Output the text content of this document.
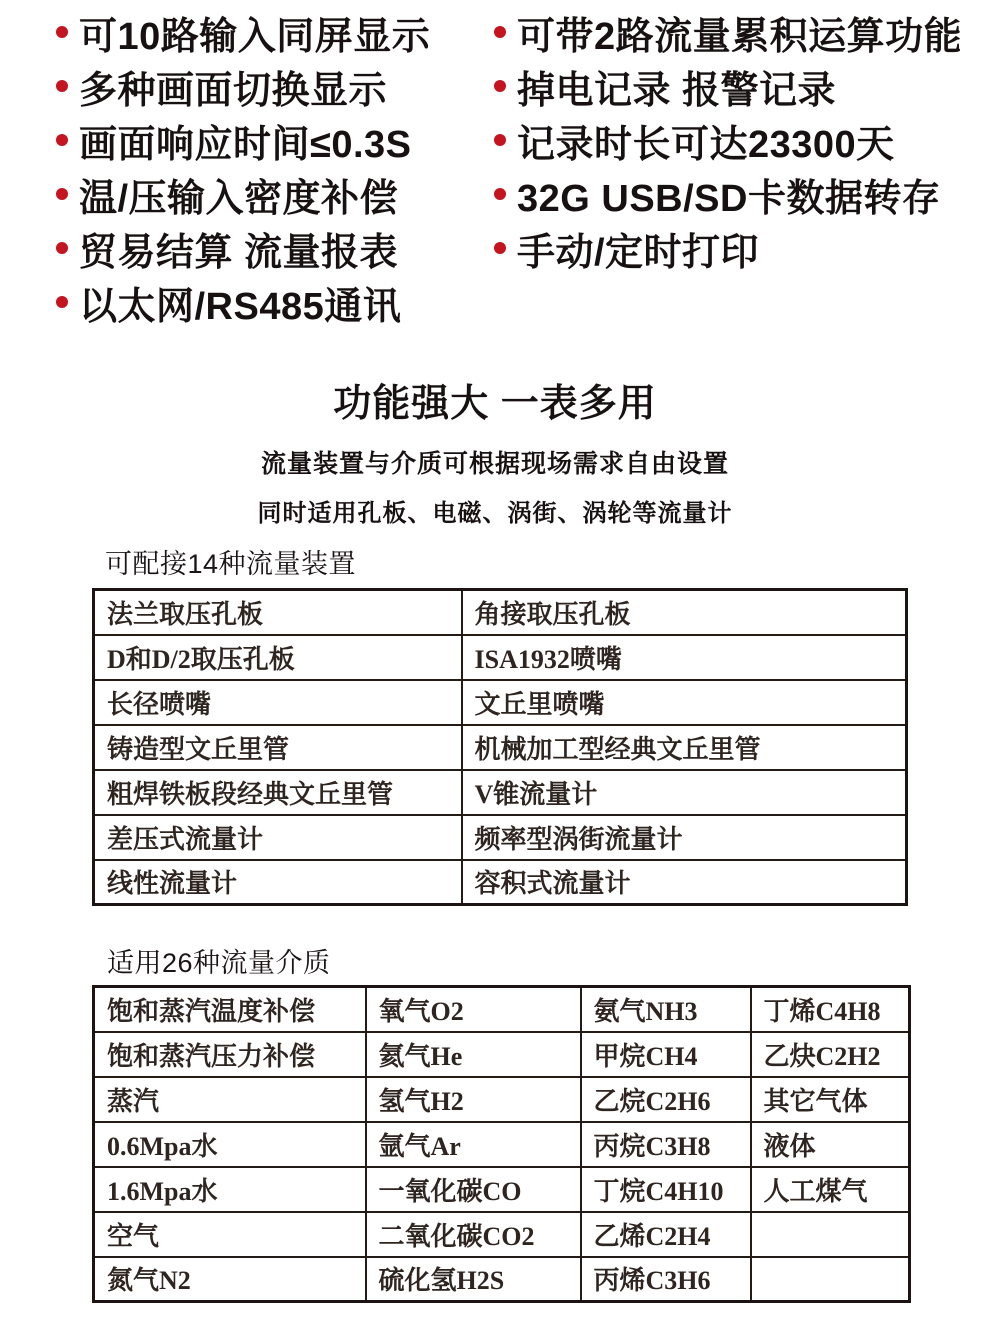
可10路输入同屏显示
多种画面切换显示
画面响应时间≤0.3S
温/压输入密度补偿
贸易结算 流量报表
以太网/RS485通讯
可带2路流量累积运算功能
掉电记录 报警记录
记录时长可达23300天
32G USB/SD卡数据转存
手动/定时打印
功能强大 一表多用
流量装置与介质可根据现场需求自由设置
同时适用孔板、电磁、涡街、涡轮等流量计
可配接14种流量装置
法兰取压孔板	角接取压孔板
D和D/2取压孔板	ISA1932喷嘴
长径喷嘴	文丘里喷嘴
铸造型文丘里管	机械加工型经典文丘里管
粗焊铁板段经典文丘里管	V锥流量计
差压式流量计	频率型涡街流量计
线性流量计	容积式流量计
适用26种流量介质
饱和蒸汽温度补偿	氧气O2	氨气NH3	丁烯C4H8
饱和蒸汽压力补偿	氦气He	甲烷CH4	乙炔C2H2
蒸汽	氢气H2	乙烷C2H6	其它气体
0.6Mpa水	氩气Ar	丙烷C3H8	液体
1.6Mpa水	一氧化碳CO	丁烷C4H10	人工煤气
空气	二氧化碳CO2	乙烯C2H4	
氮气N2	硫化氢H2S	丙烯C3H6	
